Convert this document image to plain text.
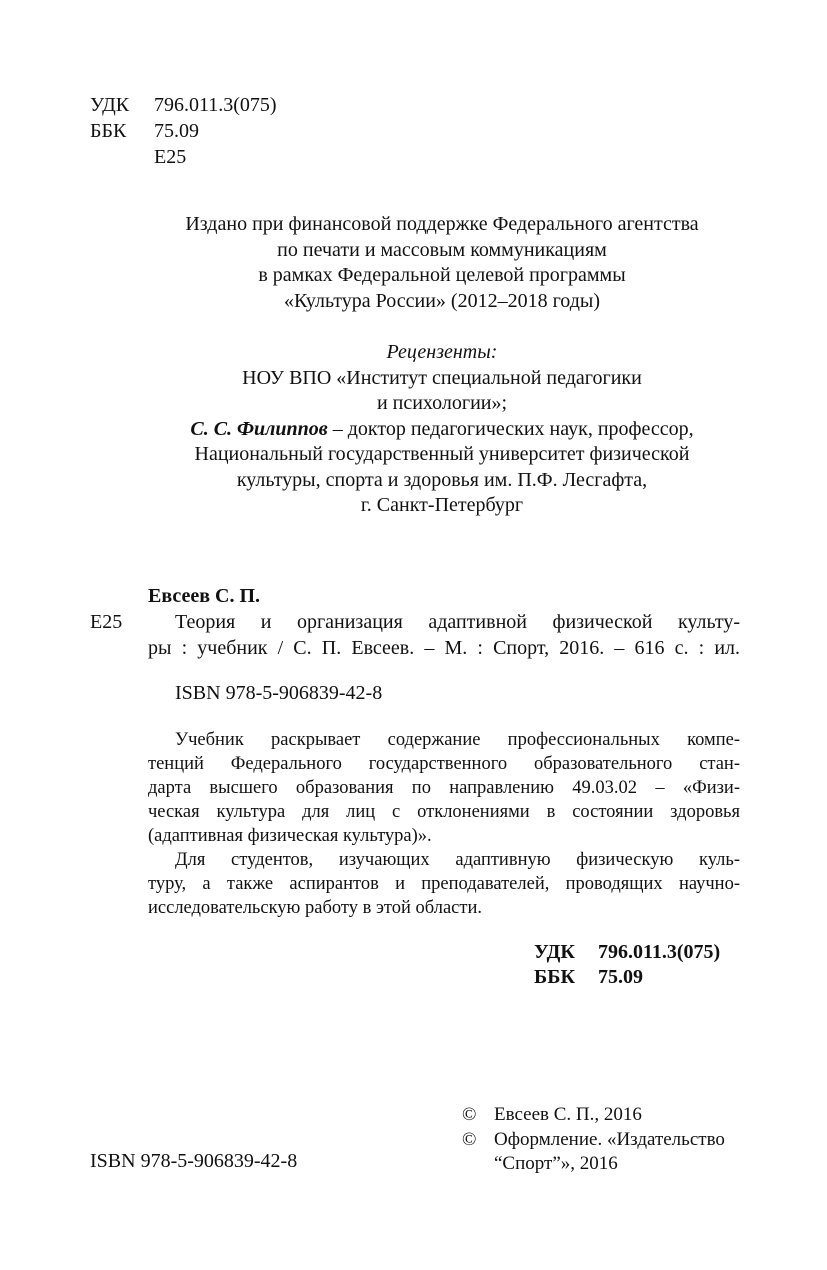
УДК	796.011.3(075)
ББК	75.09
Е25
Издано при финансовой поддержке Федерального агентства
по печати и массовым коммуникациям
в рамках Федеральной целевой программы
«Культура России» (2012–2018 годы)
Рецензенты:
НОУ ВПО «Институт специальной педагогики
и психологии»;
С. С. Филиппов – доктор педагогических наук, профессор,
Национальный государственный университет физической
культуры, спорта и здоровья им. П.Ф. Лесгафта,
г. Санкт-Петербург
Евсеев С. П.
Е25	Теория и организация адаптивной физической культу-
ры : учебник / С. П. Евсеев. – М. : Спорт, 2016. – 616 с. : ил.
ISBN 978-5-906839-42-8
Учебник раскрывает содержание профессиональных компе-
тенций Федерального государственного образовательного стан-
дарта высшего образования по направлению 49.03.02 – «Физи-
ческая культура для лиц с отклонениями в состоянии здоровья
(адаптивная физическая культура)».
Для студентов, изучающих адаптивную физическую куль-
туру, а также аспирантов и преподавателей, проводящих научно-
исследовательскую работу в этой области.
УДК	796.011.3(075)
ББК	75.09
ISBN 978-5-906839-42-8
© Евсеев С. П., 2016
© Оформление. «Издательство
“Спорт”», 2016
